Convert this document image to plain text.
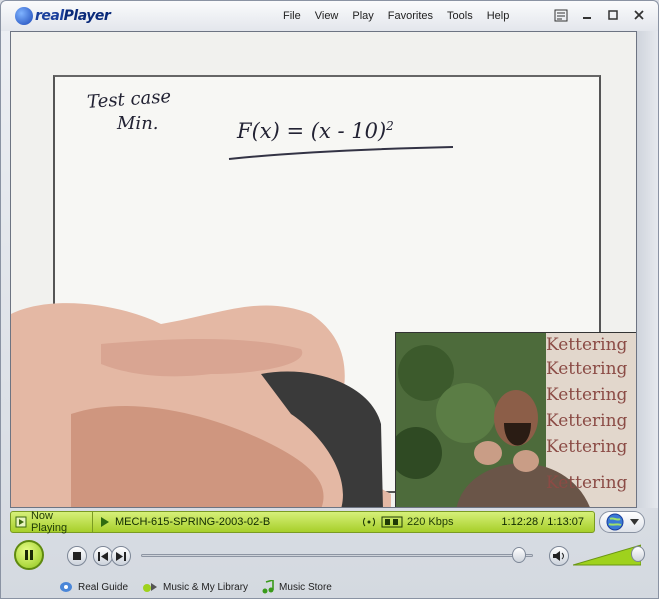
realPlayer	File View Play Favorites Tools Help
Test case
Min.	F(x) = (x - 10)$^2$
Kettering
Kettering
Kettering
Kettering
Kettering
Kettering
Now Playing	MECH-615-SPRING-2003-02-B	220 Kbps	1:12:28 / 1:13:07
Real Guide	Music & My Library	Music Store
